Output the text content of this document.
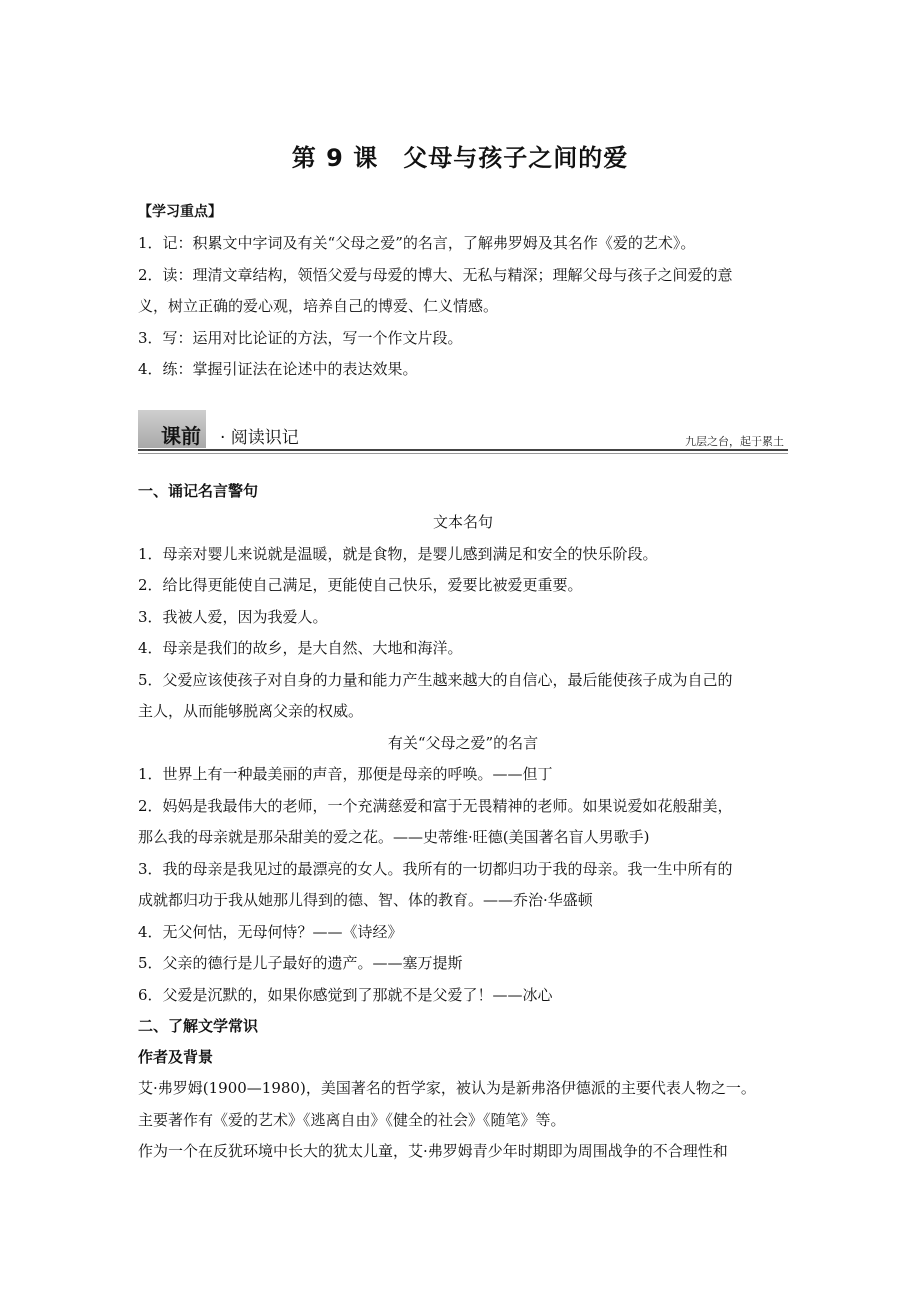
第 9 课　父母与孩子之间的爱
【学习重点】
1．记：积累文中字词及有关“父母之爱”的名言，了解弗罗姆及其名作《爱的艺术》。
2．读：理清文章结构，领悟父爱与母爱的博大、无私与精深；理解父母与孩子之间爱的意
义，树立正确的爱心观，培养自己的博爱、仁义情感。
3．写：运用对比论证的方法，写一个作文片段。
4．练：掌握引证法在论述中的表达效果。
课前 · 阅读识记	九层之台，起于累土
一、诵记名言警句
文本名句
1．母亲对婴儿来说就是温暖，就是食物，是婴儿感到满足和安全的快乐阶段。
2．给比得更能使自己满足，更能使自己快乐，爱要比被爱更重要。
3．我被人爱，因为我爱人。
4．母亲是我们的故乡，是大自然、大地和海洋。
5．父爱应该使孩子对自身的力量和能力产生越来越大的自信心，最后能使孩子成为自己的
主人，从而能够脱离父亲的权威。
有关“父母之爱”的名言
1．世界上有一种最美丽的声音，那便是母亲的呼唤。——但丁
2．妈妈是我最伟大的老师，一个充满慈爱和富于无畏精神的老师。如果说爱如花般甜美，
那么我的母亲就是那朵甜美的爱之花。——史蒂维·旺德(美国著名盲人男歌手)
3．我的母亲是我见过的最漂亮的女人。我所有的一切都归功于我的母亲。我一生中所有的
成就都归功于我从她那儿得到的德、智、体的教育。——乔治·华盛顿
4．无父何怙，无母何恃？——《诗经》
5．父亲的德行是儿子最好的遗产。——塞万提斯
6．父爱是沉默的，如果你感觉到了那就不是父爱了！——冰心
二、了解文学常识
作者及背景
艾·弗罗姆(1900—1980)，美国著名的哲学家，被认为是新弗洛伊德派的主要代表人物之一。
主要著作有《爱的艺术》《逃离自由》《健全的社会》《随笔》等。
作为一个在反犹环境中长大的犹太儿童，艾·弗罗姆青少年时期即为周围战争的不合理性和
